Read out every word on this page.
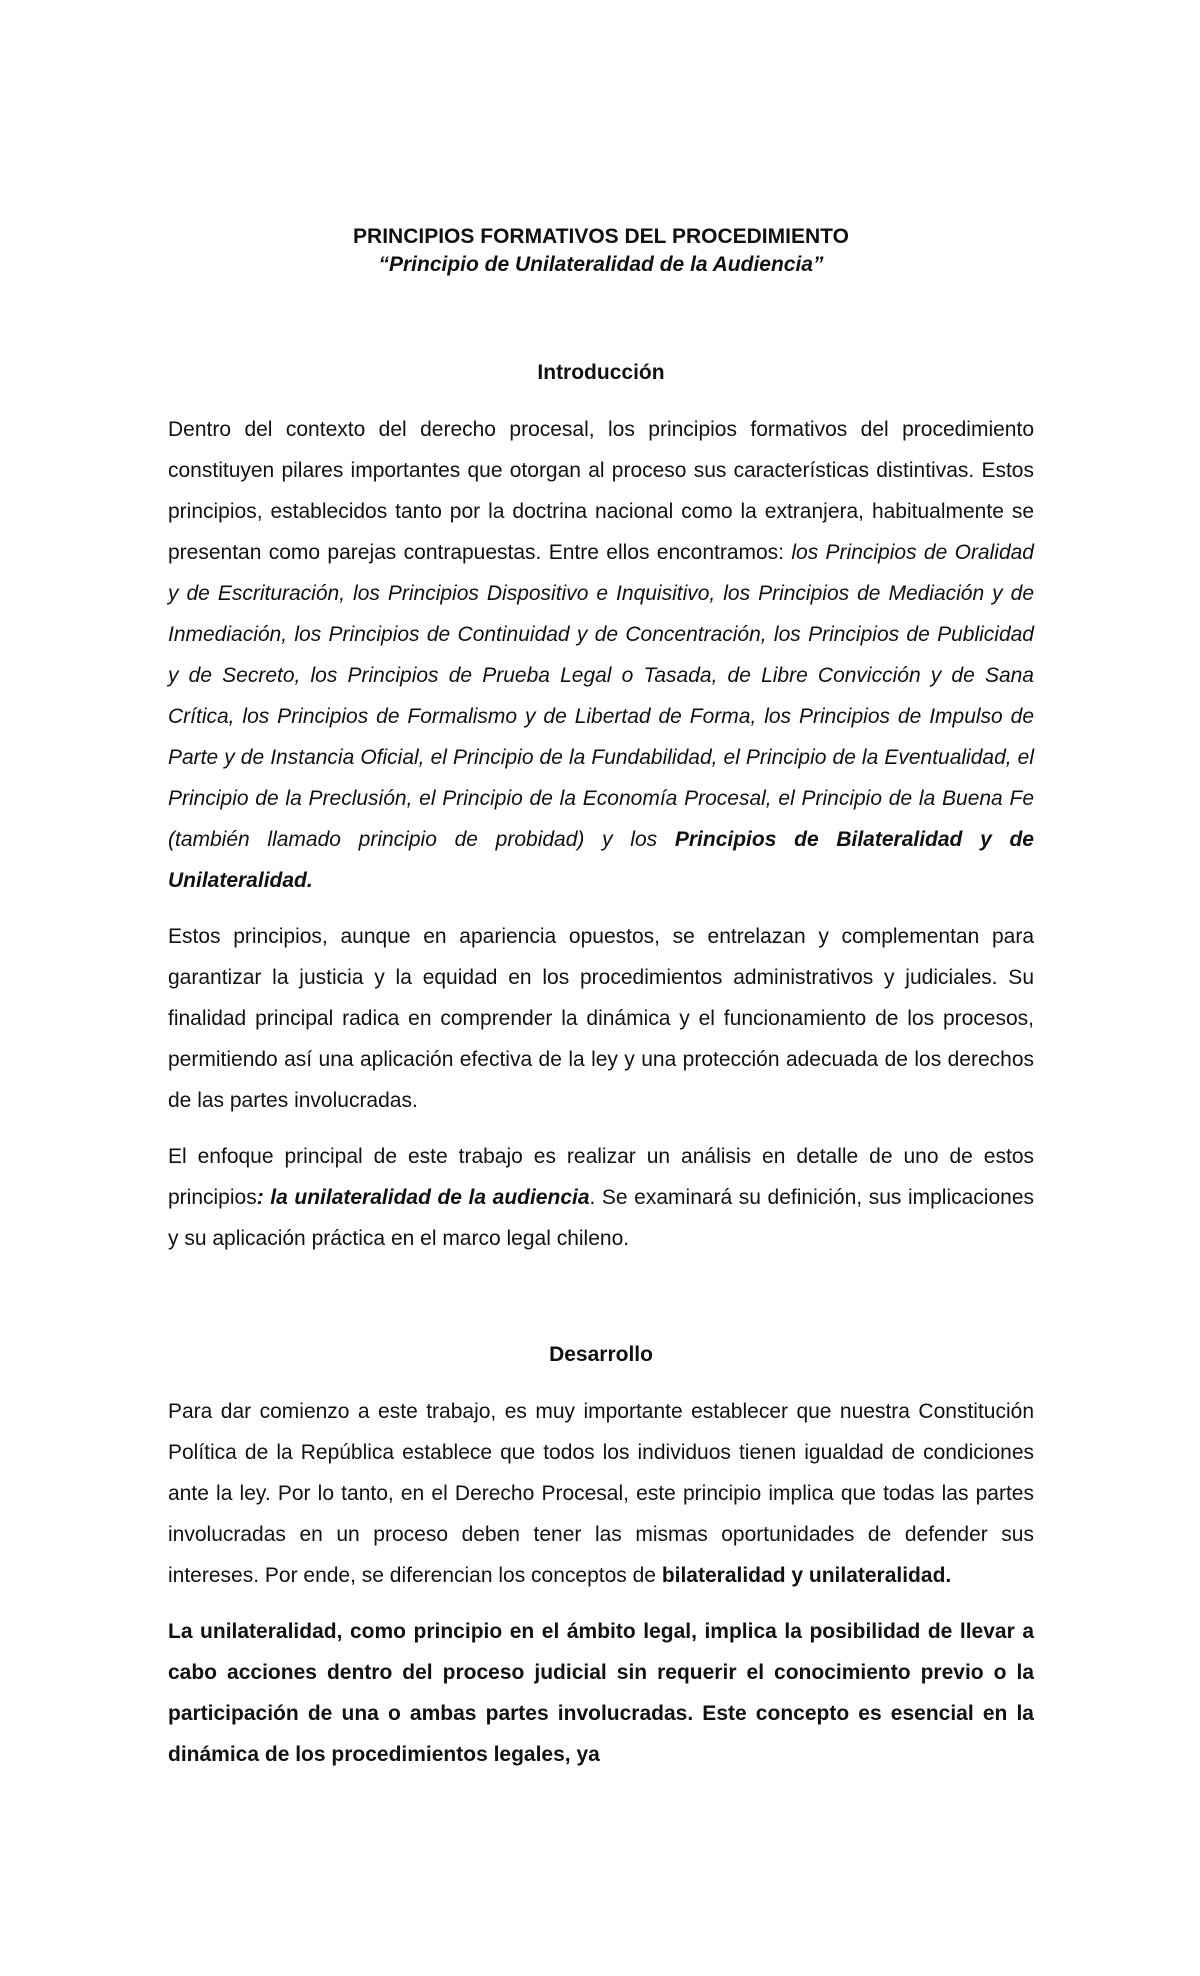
PRINCIPIOS FORMATIVOS DEL PROCEDIMIENTO

“Principio de Unilateralidad de la Audiencia”

Introducción

Dentro del contexto del derecho procesal, los principios formativos del procedimiento constituyen pilares importantes que otorgan al proceso sus características distintivas. Estos principios, establecidos tanto por la doctrina nacional como la extranjera, habitualmente se presentan como parejas contrapuestas. Entre ellos encontramos: los Principios de Oralidad y de Escrituración, los Principios Dispositivo e Inquisitivo, los Principios de Mediación y de Inmediación, los Principios de Continuidad y de Concentración, los Principios de Publicidad y de Secreto, los Principios de Prueba Legal o Tasada, de Libre Convicción y de Sana Crítica, los Principios de Formalismo y de Libertad de Forma, los Principios de Impulso de Parte y de Instancia Oficial, el Principio de la Fundabilidad, el Principio de la Eventualidad, el Principio de la Preclusión, el Principio de la Economía Procesal, el Principio de la Buena Fe (también llamado principio de probidad) y los Principios de Bilateralidad y de Unilateralidad.

Estos principios, aunque en apariencia opuestos, se entrelazan y complementan para garantizar la justicia y la equidad en los procedimientos administrativos y judiciales. Su finalidad principal radica en comprender la dinámica y el funcionamiento de los procesos, permitiendo así una aplicación efectiva de la ley y una protección adecuada de los derechos de las partes involucradas.

El enfoque principal de este trabajo es realizar un análisis en detalle de uno de estos principios: la unilateralidad de la audiencia. Se examinará su definición, sus implicaciones y su aplicación práctica en el marco legal chileno.

Desarrollo

Para dar comienzo a este trabajo, es muy importante establecer que nuestra Constitución Política de la República establece que todos los individuos tienen igualdad de condiciones ante la ley. Por lo tanto, en el Derecho Procesal, este principio implica que todas las partes involucradas en un proceso deben tener las mismas oportunidades de defender sus intereses. Por ende, se diferencian los conceptos de bilateralidad y unilateralidad.

La unilateralidad, como principio en el ámbito legal, implica la posibilidad de llevar a cabo acciones dentro del proceso judicial sin requerir el conocimiento previo o la participación de una o ambas partes involucradas. Este concepto es esencial en la dinámica de los procedimientos legales, ya
